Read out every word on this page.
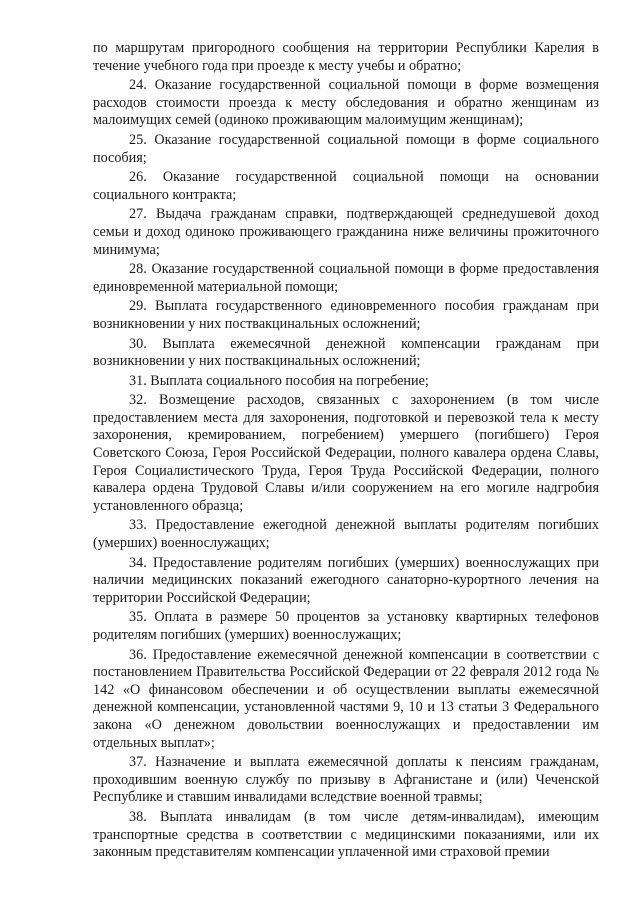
по маршрутам пригородного сообщения на территории Республики Карелия в течение учебного года при проезде к месту учебы и обратно;

24. Оказание государственной социальной помощи в форме возмещения расходов стоимости проезда к месту обследования и обратно женщинам из малоимущих семей (одиноко проживающим малоимущим женщинам);

25. Оказание государственной социальной помощи в форме социального пособия;

26. Оказание государственной социальной помощи на основании социального контракта;

27. Выдача гражданам справки, подтверждающей среднедушевой доход семьи и доход одиноко проживающего гражданина ниже величины прожиточного минимума;

28. Оказание государственной социальной помощи в форме предоставления единовременной материальной помощи;

29. Выплата государственного единовременного пособия гражданам при возникновении у них поствакцинальных осложнений;

30. Выплата ежемесячной денежной компенсации гражданам при возникновении у них поствакцинальных осложнений;

31. Выплата социального пособия на погребение;

32. Возмещение расходов, связанных с захоронением (в том числе предоставлением места для захоронения, подготовкой и перевозкой тела к месту захоронения, кремированием, погребением) умершего (погибшего) Героя Советского Союза, Героя Российской Федерации, полного кавалера ордена Славы, Героя Социалистического Труда, Героя Труда Российской Федерации, полного кавалера ордена Трудовой Славы и/или сооружением на его могиле надгробия установленного образца;

33. Предоставление ежегодной денежной выплаты родителям погибших (умерших) военнослужащих;

34. Предоставление родителям погибших (умерших) военнослужащих при наличии медицинских показаний ежегодного санаторно-курортного лечения на территории Российской Федерации;

35. Оплата в размере 50 процентов за установку квартирных телефонов родителям погибших (умерших) военнослужащих;

36. Предоставление ежемесячной денежной компенсации в соответствии с постановлением Правительства Российской Федерации от 22 февраля 2012 года № 142 «О финансовом обеспечении и об осуществлении выплаты ежемесячной денежной компенсации, установленной частями 9, 10 и 13 статьи 3 Федерального закона «О денежном довольствии военнослужащих и предоставлении им отдельных выплат»;

37. Назначение и выплата ежемесячной доплаты к пенсиям гражданам, проходившим военную службу по призыву в Афганистане и (или) Чеченской Республике и ставшим инвалидами вследствие военной травмы;

38. Выплата инвалидам (в том числе детям-инвалидам), имеющим транспортные средства в соответствии с медицинскими показаниями, или их законным представителям компенсации уплаченной ими страховой премии
